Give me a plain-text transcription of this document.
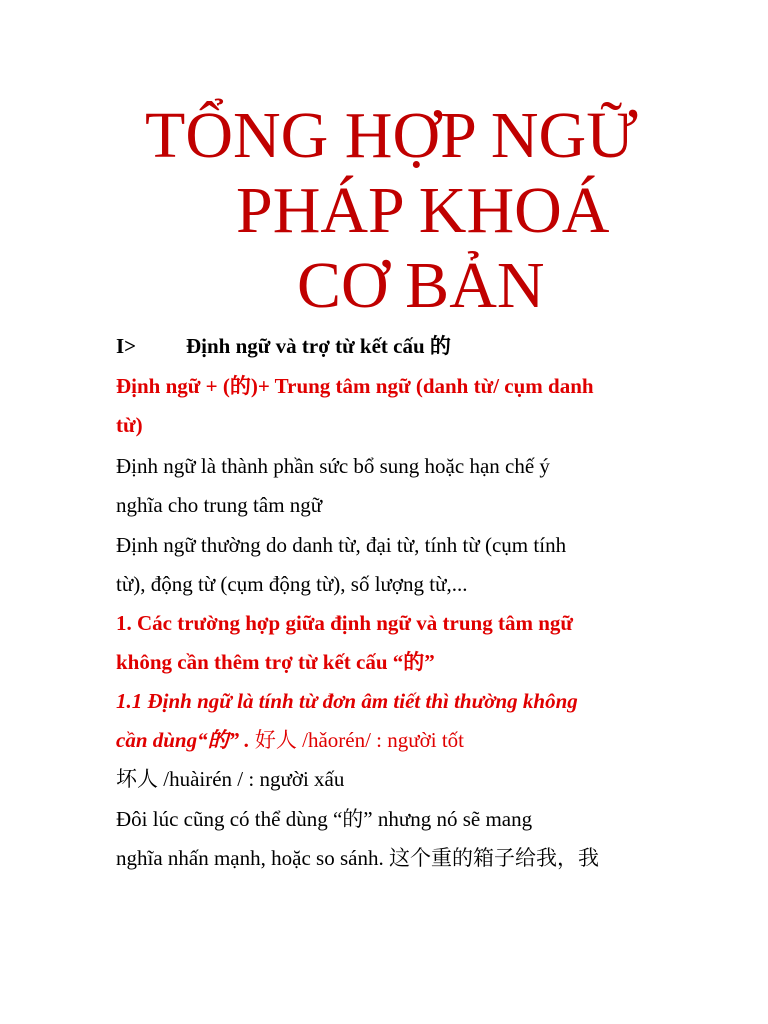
TỔNG HỢP NGỮ
PHÁP KHOÁ
CƠ BẢN
I> Định ngữ và trợ từ kết cấu 的
Định ngữ + (的)+ Trung tâm ngữ (danh từ/ cụm danh
từ)
Định ngữ là thành phần sức bổ sung hoặc hạn chế ý
nghĩa cho trung tâm ngữ
Định ngữ thường do danh từ, đại từ, tính từ (cụm tính
từ), động từ (cụm động từ), số lượng từ,...
1. Các trường hợp giữa định ngữ và trung tâm ngữ
không cần thêm trợ từ kết cấu “的”
1.1 Định ngữ là tính từ đơn âm tiết thì thường không
cần dùng“的” . 好人 /hǎorén/ : người tốt
坏人 /huàirén / : người xấu
Đôi lúc cũng có thể dùng “的” nhưng nó sẽ mang
nghĩa nhấn mạnh, hoặc so sánh. 这个重的箱子给我，我
